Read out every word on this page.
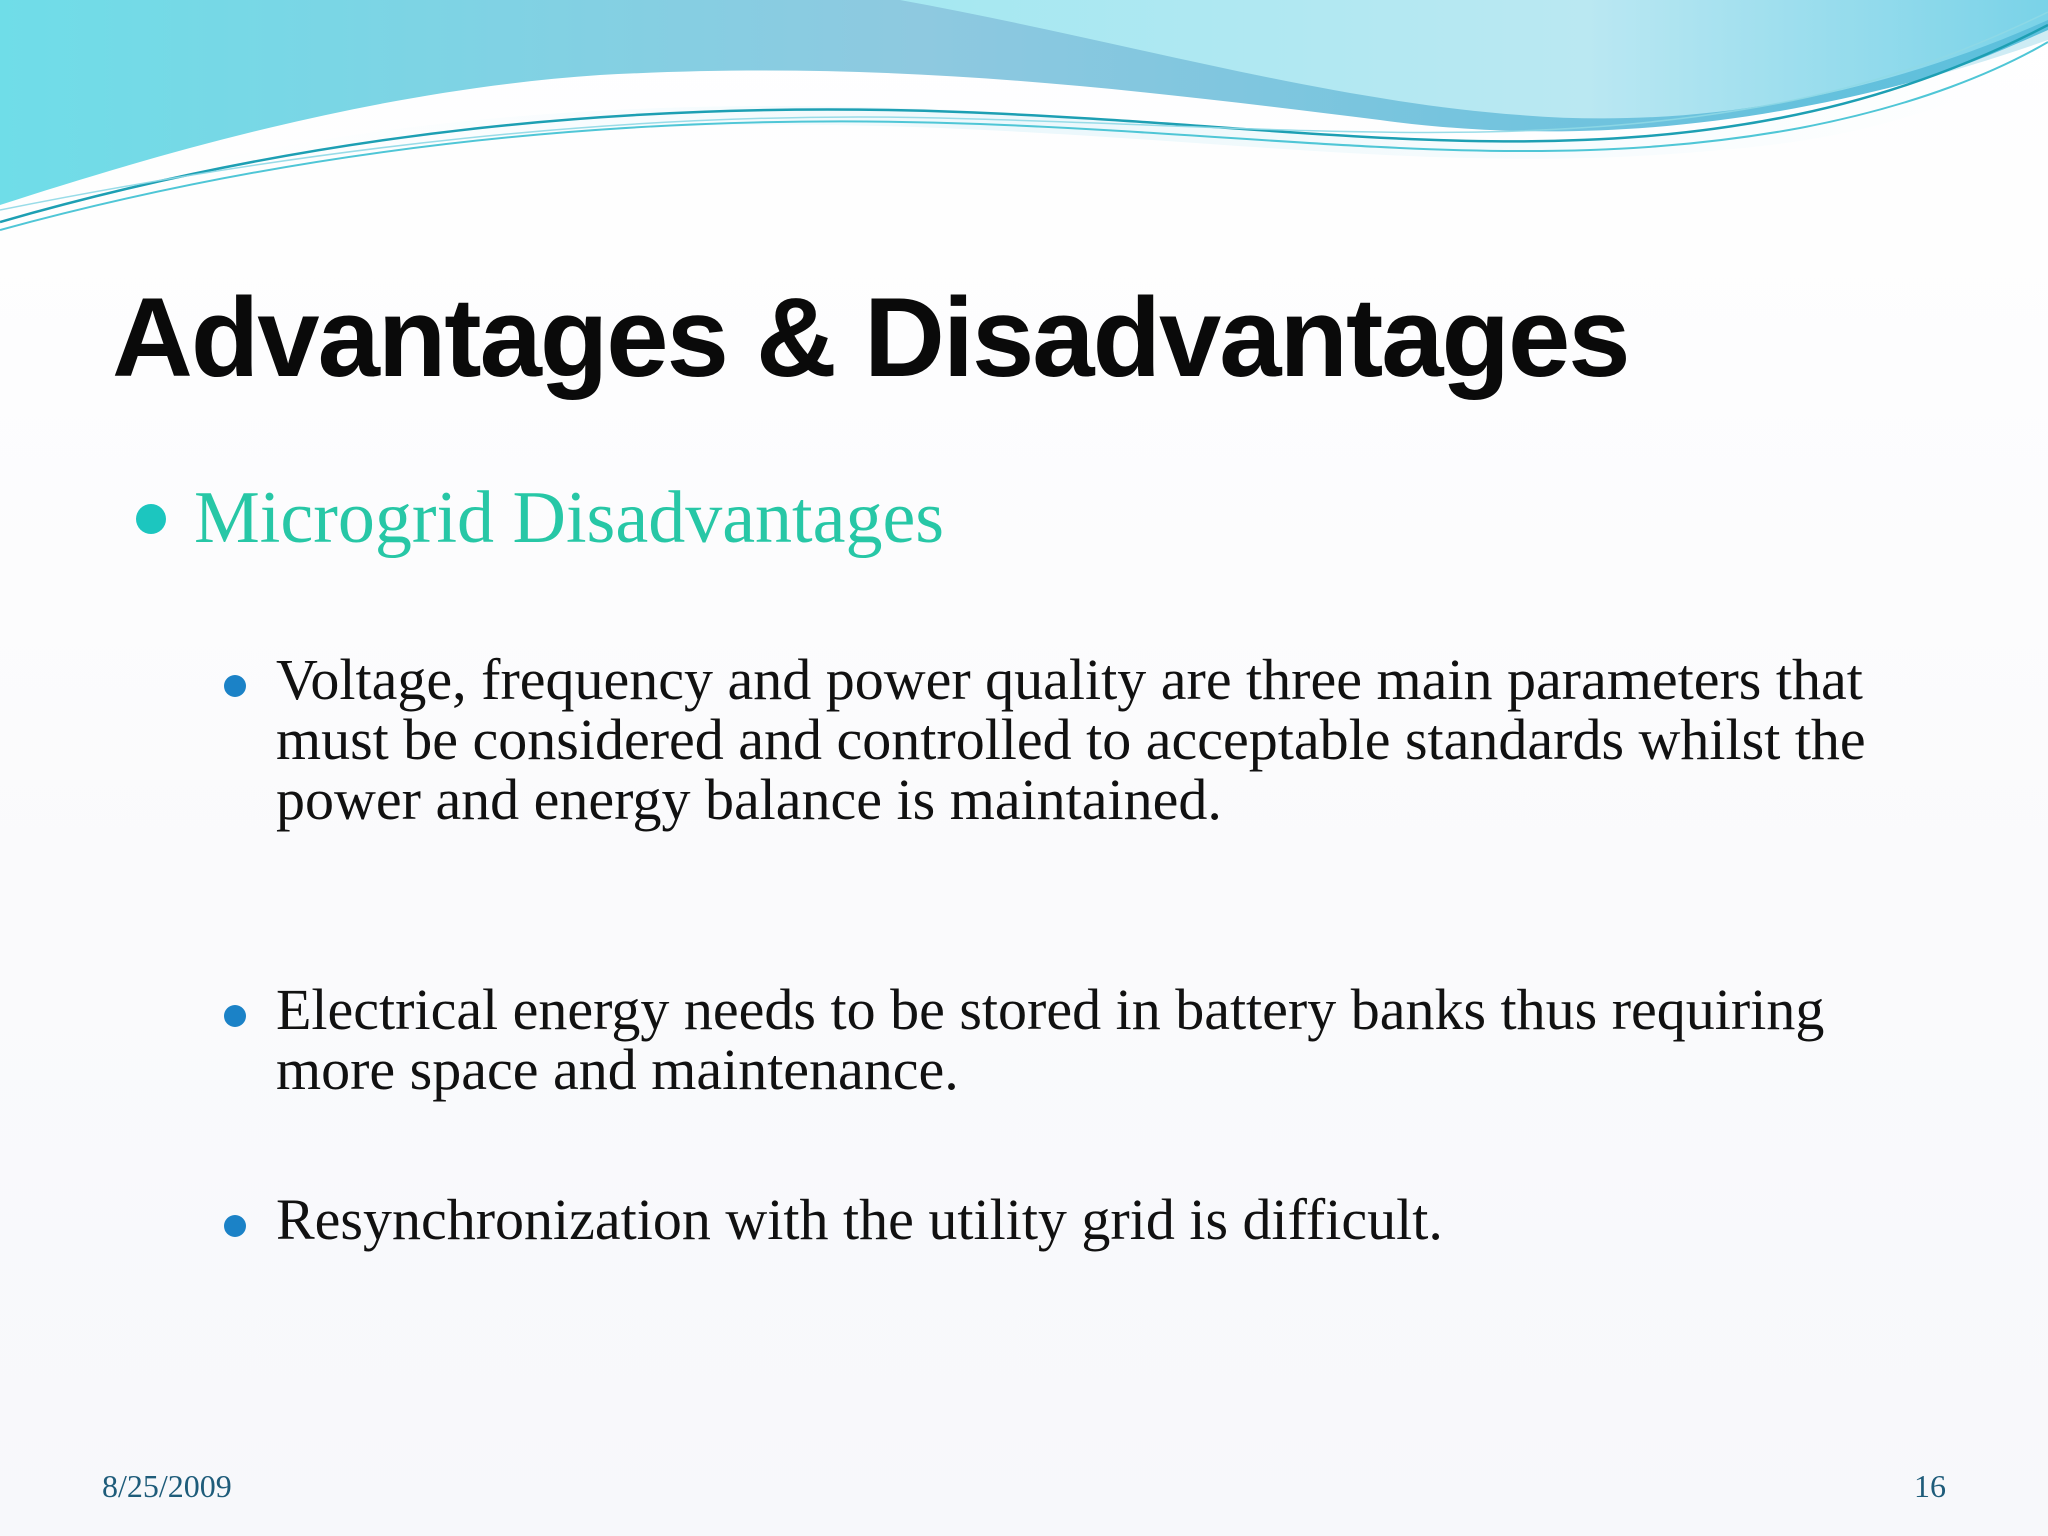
Advantages & Disadvantages
Microgrid Disadvantages
Voltage, frequency and power quality are three main parameters that must be considered and controlled to acceptable standards whilst the power and energy balance is maintained.
Electrical energy needs to be stored in battery banks thus requiring more space and maintenance.
Resynchronization with the utility grid is difficult.
8/25/2009	16
